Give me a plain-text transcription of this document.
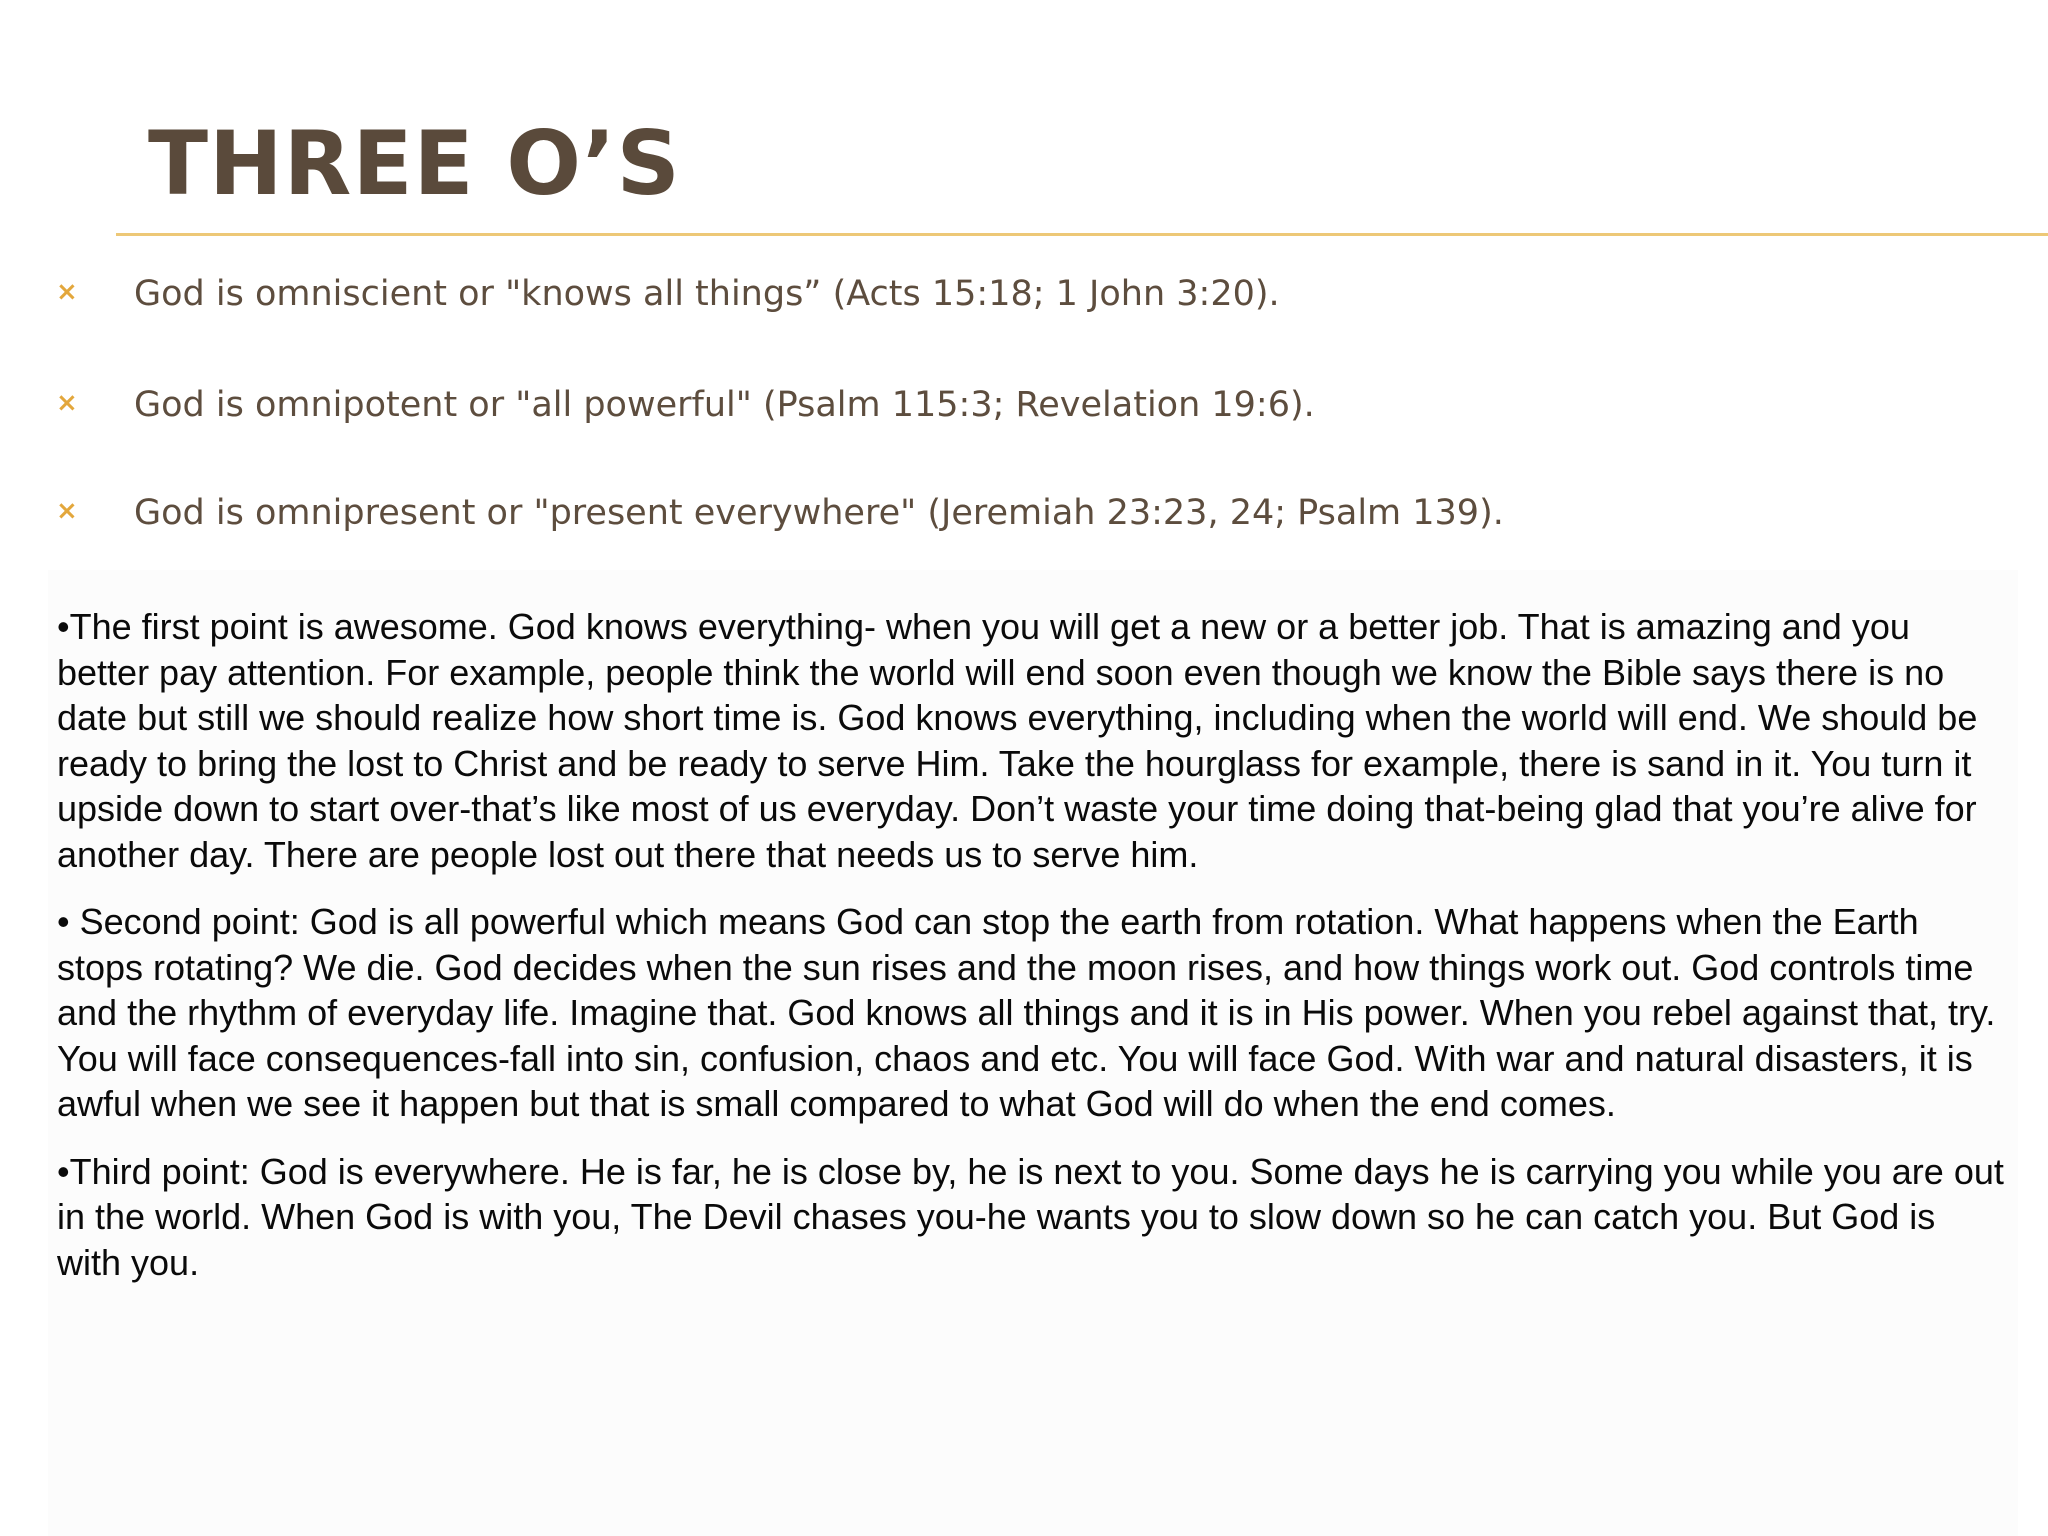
THREE O’S
× God is omniscient or "knows all things” (Acts 15:18; 1 John 3:20).
× God is omnipotent or "all powerful" (Psalm 115:3; Revelation 19:6).
× God is omnipresent or "present everywhere" (Jeremiah 23:23, 24; Psalm 139).

•The first point is awesome. God knows everything- when you will get a new or a better job. That is amazing and you better pay attention. For example, people think the world will end soon even though we know the Bible says there is no date but still we should realize how short time is. God knows everything, including when the world will end. We should be ready to bring the lost to Christ and be ready to serve Him. Take the hourglass for example, there is sand in it. You turn it upside down to start over-that’s like most of us everyday. Don’t waste your time doing that-being glad that you’re alive for another day. There are people lost out there that needs us to serve him.

• Second point: God is all powerful which means God can stop the earth from rotation. What happens when the Earth stops rotating? We die. God decides when the sun rises and the moon rises, and how things work out. God controls time and the rhythm of everyday life. Imagine that. God knows all things and it is in His power. When you rebel against that, try. You will face consequences-fall into sin, confusion, chaos and etc. You will face God. With war and natural disasters, it is awful when we see it happen but that is small compared to what God will do when the end comes.

•Third point: God is everywhere. He is far, he is close by, he is next to you. Some days he is carrying you while you are out in the world. When God is with you, The Devil chases you-he wants you to slow down so he can catch you. But God is with you.
